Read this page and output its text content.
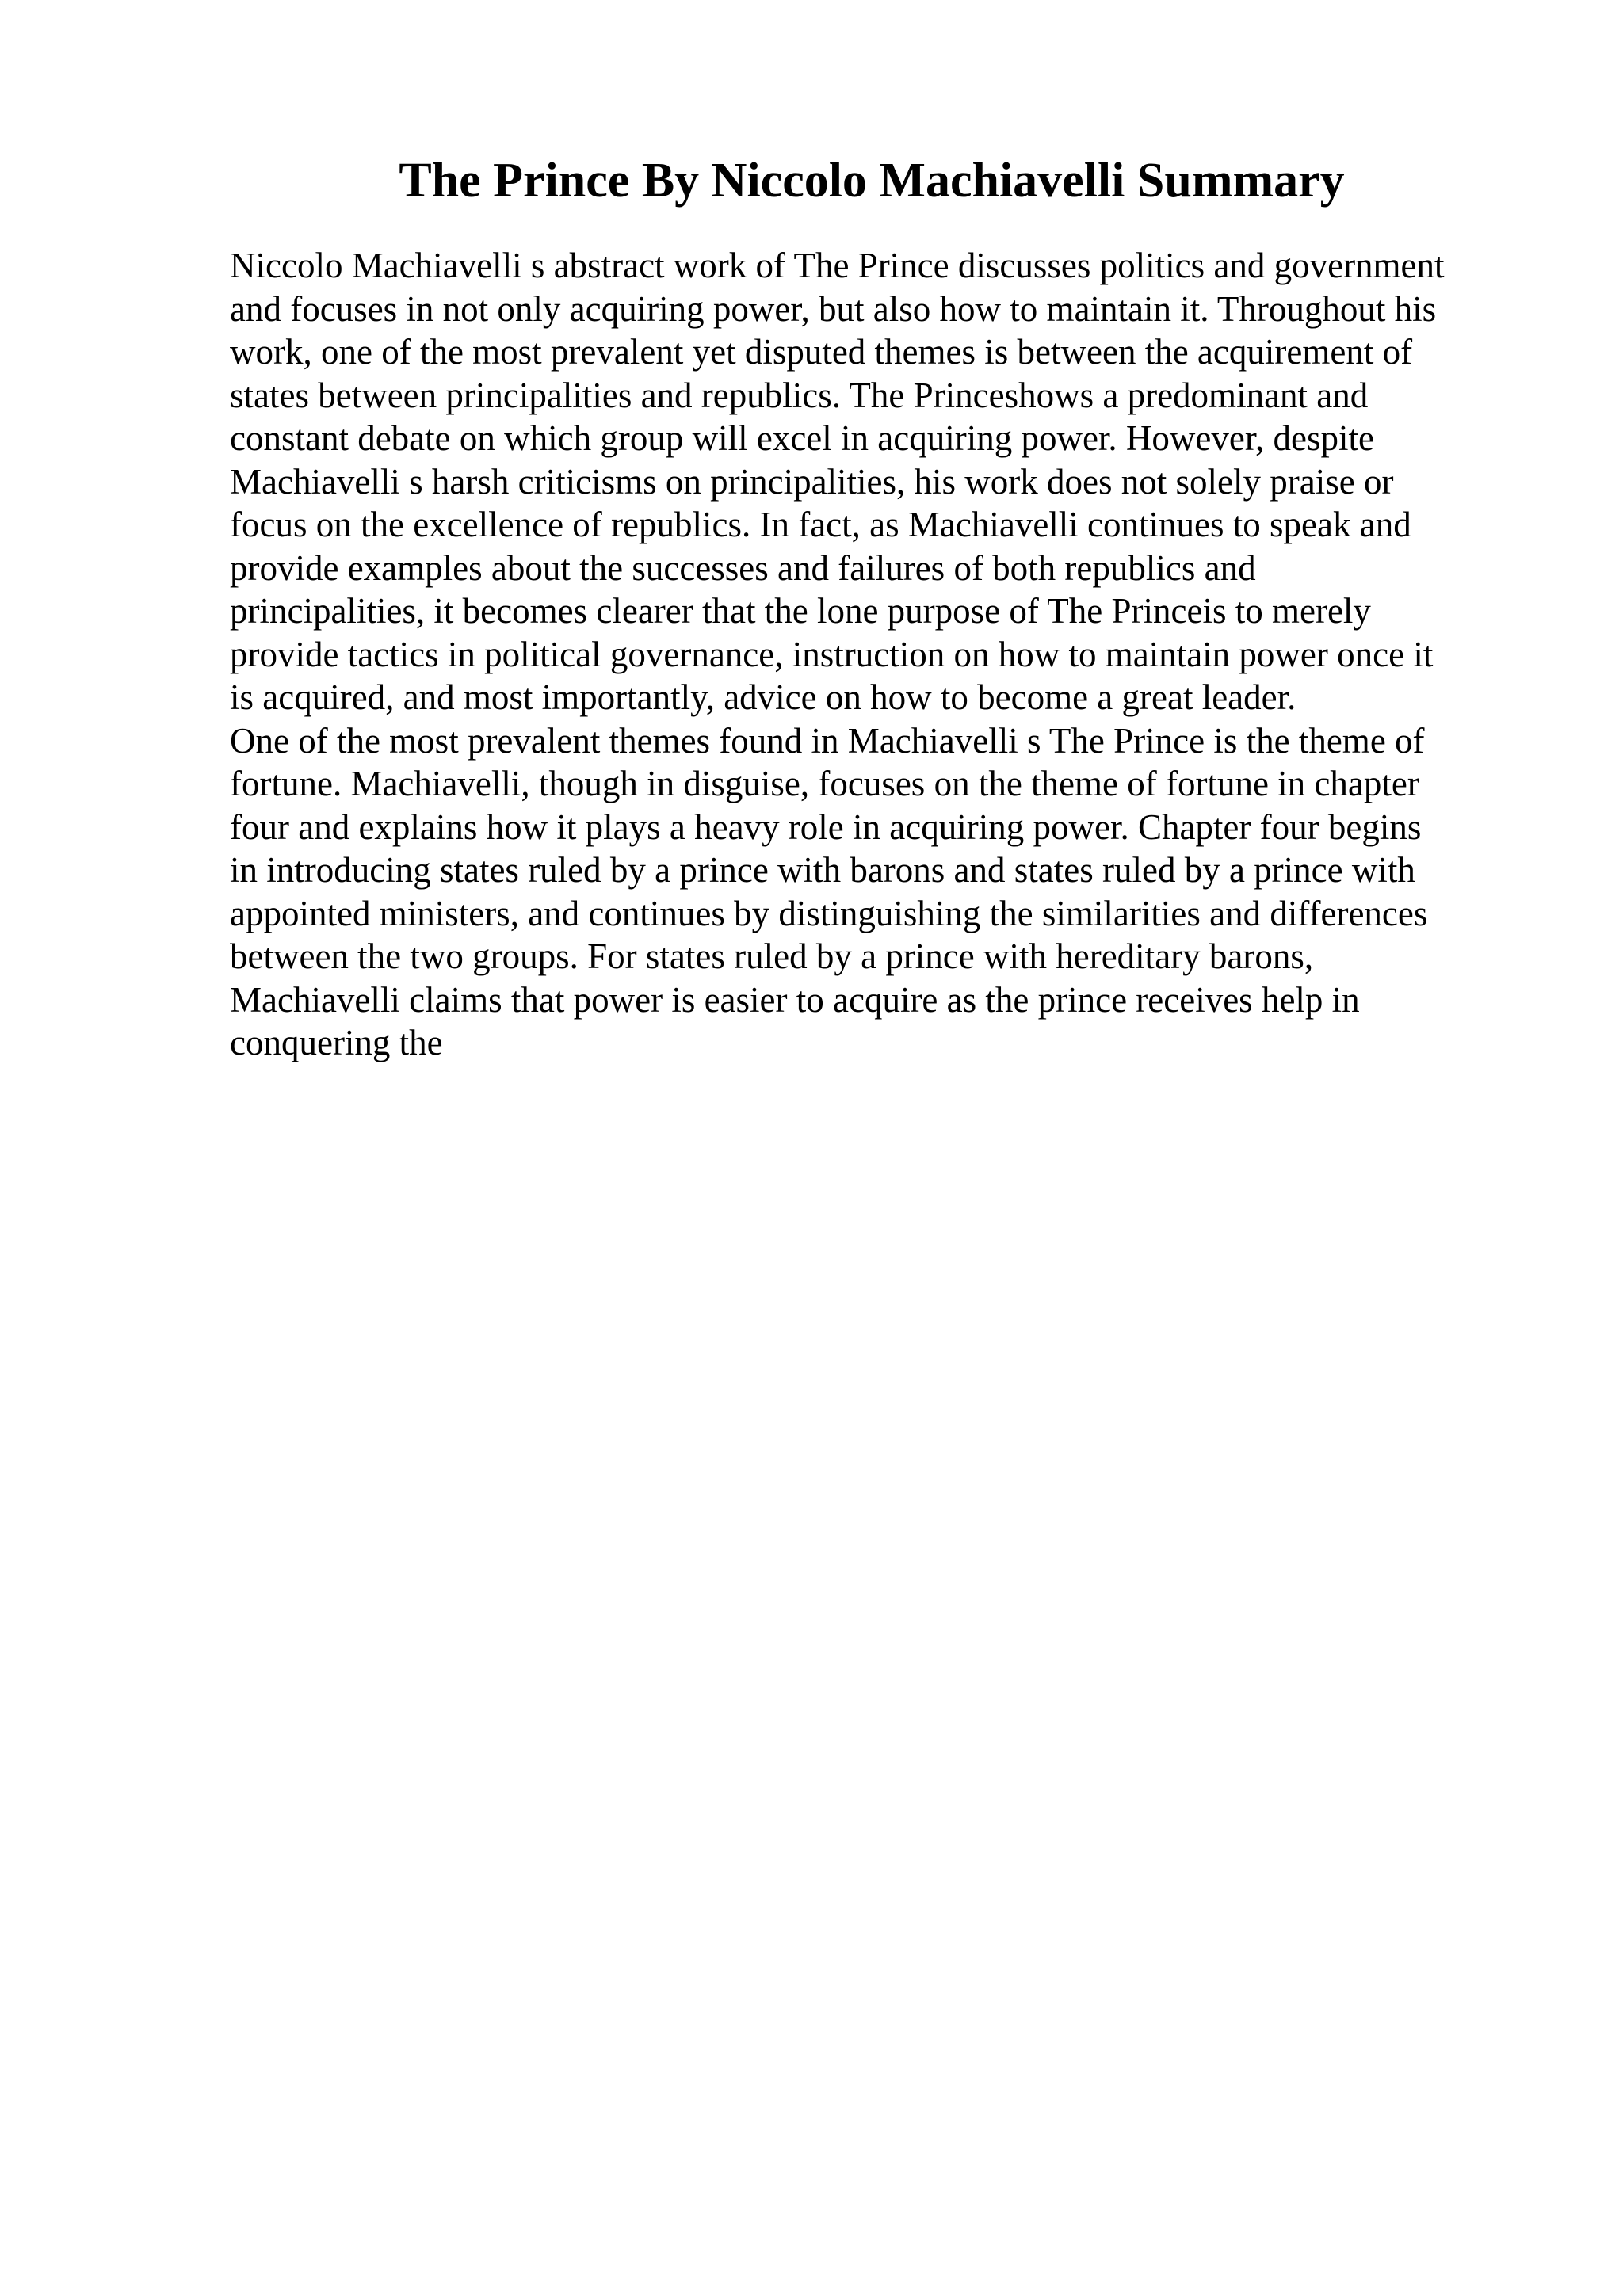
The Prince By Niccolo Machiavelli Summary
Niccolo Machiavelli s abstract work of The Prince discusses politics and government
and focuses in not only acquiring power, but also how to maintain it. Throughout his
work, one of the most prevalent yet disputed themes is between the acquirement of
states between principalities and republics. The Princeshows a predominant and
constant debate on which group will excel in acquiring power. However, despite
Machiavelli s harsh criticisms on principalities, his work does not solely praise or
focus on the excellence of republics. In fact, as Machiavelli continues to speak and
provide examples about the successes and failures of both republics and
principalities, it becomes clearer that the lone purpose of The Princeis to merely
provide tactics in political governance, instruction on how to maintain power once it
is acquired, and most importantly, advice on how to become a great leader.
One of the most prevalent themes found in Machiavelli s The Prince is the theme of
fortune. Machiavelli, though in disguise, focuses on the theme of fortune in chapter
four and explains how it plays a heavy role in acquiring power. Chapter four begins
in introducing states ruled by a prince with barons and states ruled by a prince with
appointed ministers, and continues by distinguishing the similarities and differences
between the two groups. For states ruled by a prince with hereditary barons,
Machiavelli claims that power is easier to acquire as the prince receives help in
conquering the
